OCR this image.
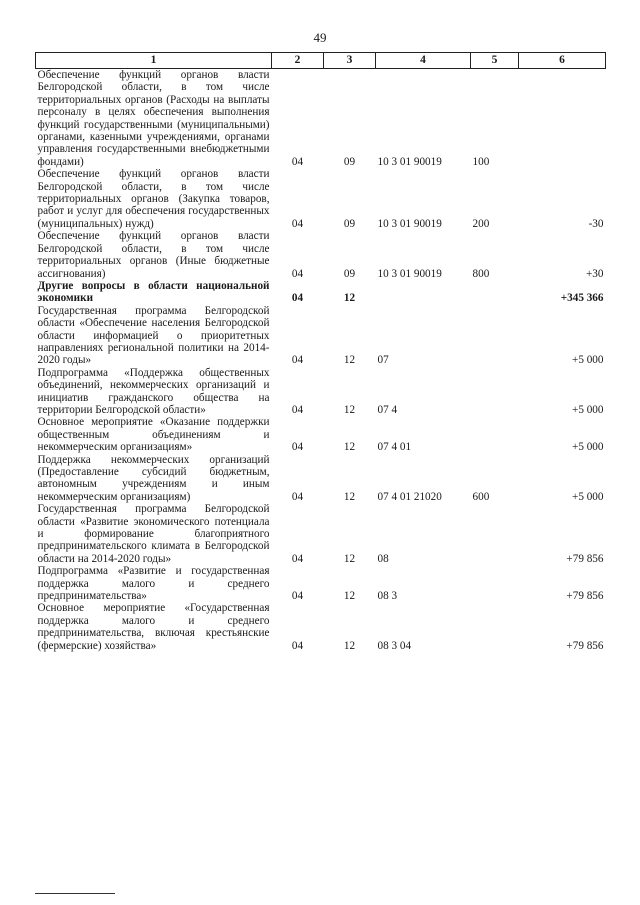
49
1	2	3	4	5	6
Обеспечение функций органов власти Белгородской области, в том числе территориальных органов (Расходы на выплаты персоналу в целях обеспечения выполнения функций государственными (муниципальными) органами, казенными учреждениями, органами управления государственными внебюджетными фондами)	04	09	10 3 01 90019	100	
Обеспечение функций органов власти Белгородской области, в том числе территориальных органов (Закупка товаров, работ и услуг для обеспечения государственных (муниципальных) нужд)	04	09	10 3 01 90019	200	-30
Обеспечение функций органов власти Белгородской области, в том числе территориальных органов (Иные бюджетные ассигнования)	04	09	10 3 01 90019	800	+30
Другие вопросы в области национальной экономики	04	12			+345 366
Государственная программа Белгородской области «Обеспечение населения Белгородской области информацией о приоритетных направлениях региональной политики на 2014-2020 годы»	04	12	07		+5 000
Подпрограмма «Поддержка общественных объединений, некоммерческих организаций и инициатив гражданского общества на территории Белгородской области»	04	12	07 4		+5 000
Основное мероприятие «Оказание поддержки общественным объединениям и некоммерческим организациям»	04	12	07 4 01		+5 000
Поддержка некоммерческих организаций (Предоставление субсидий бюджетным, автономным учреждениям и иным некоммерческим организациям)	04	12	07 4 01 21020	600	+5 000
Государственная программа Белгородской области «Развитие экономического потенциала и формирование благоприятного предпринимательского климата в Белгородской области на 2014-2020 годы»	04	12	08		+79 856
Подпрограмма «Развитие и государственная поддержка малого и среднего предпринимательства»	04	12	08 3		+79 856
Основное мероприятие «Государственная поддержка малого и среднего предпринимательства, включая крестьянские (фермерские) хозяйства»	04	12	08 3 04		+79 856
